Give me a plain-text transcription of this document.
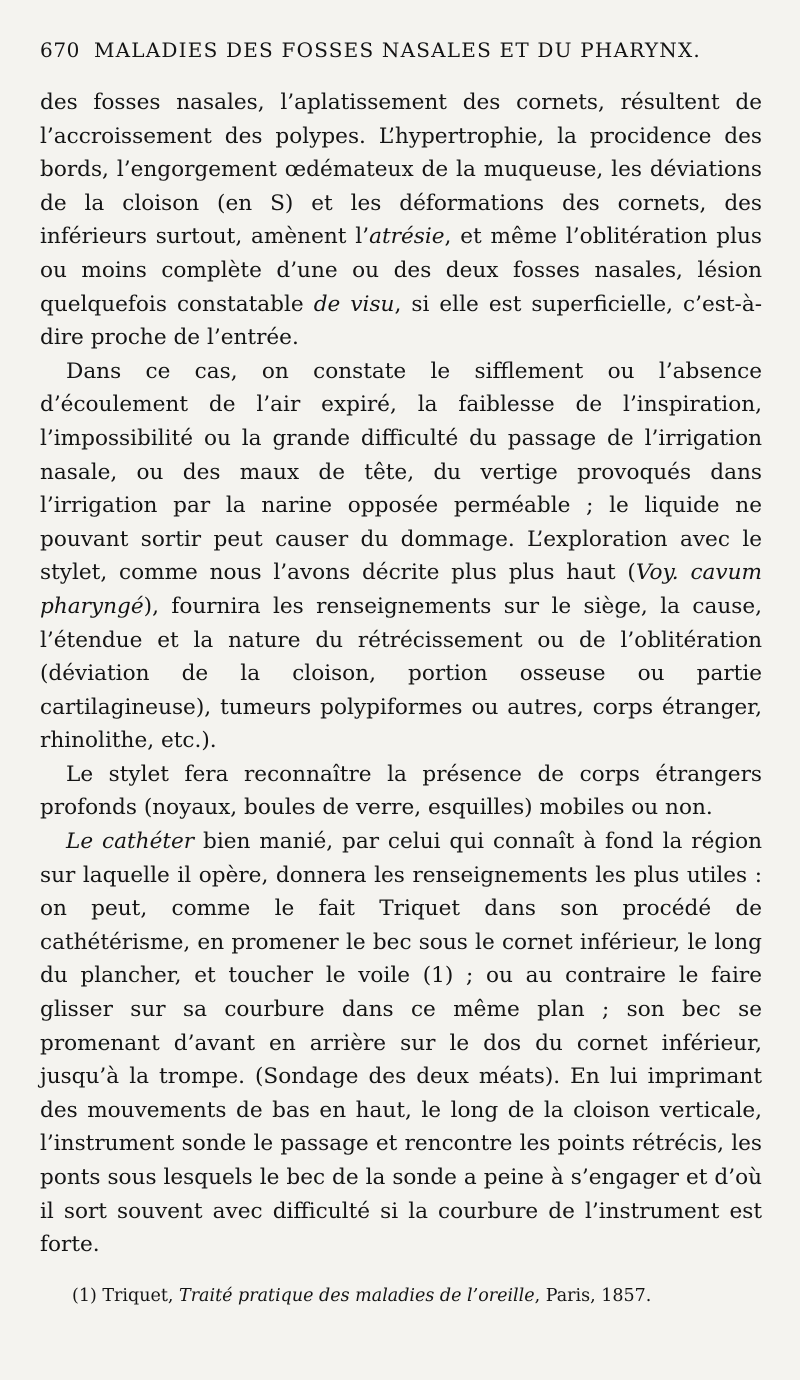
670 MALADIES DES FOSSES NASALES ET DU PHARYNX.

des fosses nasales, l’aplatissement des cornets, résultent de l’accroissement des polypes. L’hypertrophie, la procidence des bords, l’engorgement œdémateux de la muqueuse, les déviations de la cloison (en S) et les déformations des cornets, des inférieurs surtout, amènent l’atrésie, et même l’oblitération plus ou moins complète d’une ou des deux fosses nasales, lésion quelquefois constatable de visu, si elle est superficielle, c’est-à-dire proche de l’entrée.

Dans ce cas, on constate le sifflement ou l’absence d’écoulement de l’air expiré, la faiblesse de l’inspiration, l’impossibilité ou la grande difficulté du passage de l’irrigation nasale, ou des maux de tête, du vertige provoqués dans l’irrigation par la narine opposée perméable ; le liquide ne pouvant sortir peut causer du dommage. L’exploration avec le stylet, comme nous l’avons décrite plus plus haut (Voy. cavum pharyngé), fournira les renseignements sur le siège, la cause, l’étendue et la nature du rétrécissement ou de l’oblitération (déviation de la cloison, portion osseuse ou partie cartilagineuse), tumeurs polypiformes ou autres, corps étranger, rhinolithe, etc.).

Le stylet fera reconnaître la présence de corps étrangers profonds (noyaux, boules de verre, esquilles) mobiles ou non.

Le cathéter bien manié, par celui qui connaît à fond la région sur laquelle il opère, donnera les renseignements les plus utiles : on peut, comme le fait Triquet dans son procédé de cathétérisme, en promener le bec sous le cornet inférieur, le long du plancher, et toucher le voile (1) ; ou au contraire le faire glisser sur sa courbure dans ce même plan ; son bec se promenant d’avant en arrière sur le dos du cornet inférieur, jusqu’à la trompe. (Sondage des deux méats). En lui imprimant des mouvements de bas en haut, le long de la cloison verticale, l’instrument sonde le passage et rencontre les points rétrécis, les ponts sous lesquels le bec de la sonde a peine à s’engager et d’où il sort souvent avec difficulté si la courbure de l’instrument est forte.

(1) Triquet, Traité pratique des maladies de l’oreille, Paris, 1857.
